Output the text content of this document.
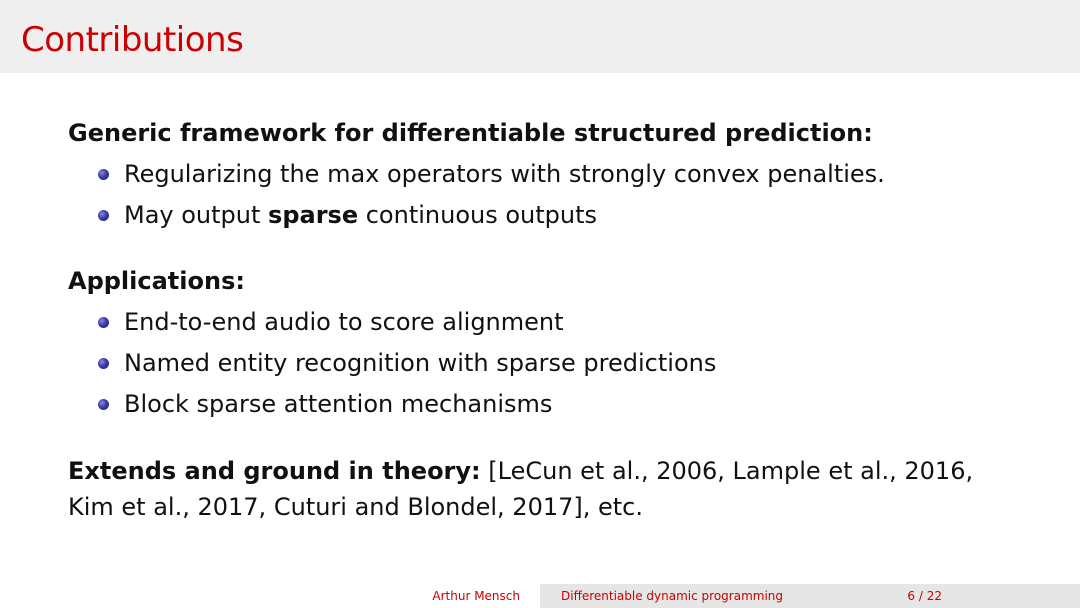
Contributions

Generic framework for differentiable structured prediction:

Regularizing the max operators with strongly convex penalties.
May output sparse continuous outputs

Applications:

End-to-end audio to score alignment
Named entity recognition with sparse predictions
Block sparse attention mechanisms

Extends and ground in theory: [LeCun et al., 2006, Lample et al., 2016,
Kim et al., 2017, Cuturi and Blondel, 2017], etc.

Arthur Mensch	Differentiable dynamic programming	6 / 22
